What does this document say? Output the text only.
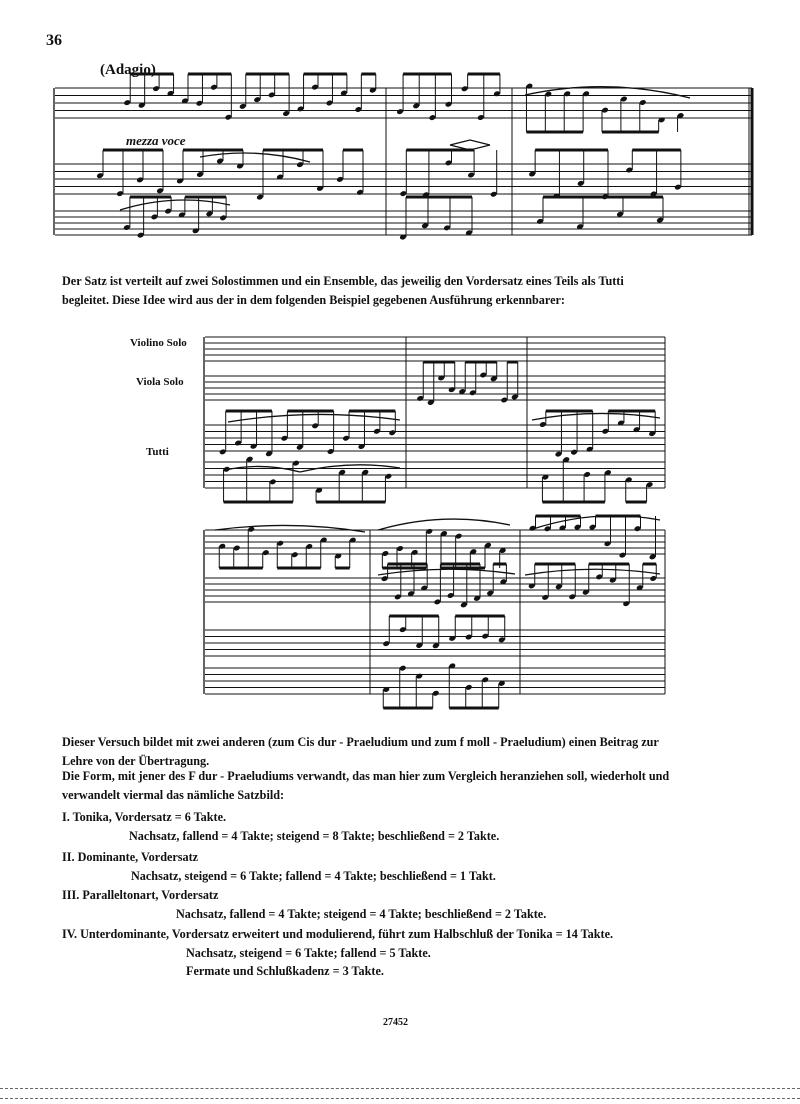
36
(Adagio)
mezza voce
Der Satz ist verteilt auf zwei Solostimmen und ein Ensemble, das jeweilig den Vordersatz eines Teils als Tutti
begleitet. Diese Idee wird aus der in dem folgenden Beispiel gegebenen Ausführung erkennbarer:
Violino Solo
Viola Solo
Tutti
Dieser Versuch bildet mit zwei anderen (zum Cis dur - Praeludium und zum f moll - Praeludium) einen Beitrag zur
Lehre von der Übertragung.
Die Form, mit jener des F dur - Praeludiums verwandt, das man hier zum Vergleich heranziehen soll, wiederholt und
verwandelt viermal das nämliche Satzbild:
I. Tonika, Vordersatz = 6 Takte.
Nachsatz, fallend = 4 Takte; steigend = 8 Takte; beschließend = 2 Takte.
II. Dominante, Vordersatz
Nachsatz, steigend = 6 Takte; fallend = 4 Takte; beschließend = 1 Takt.
III. Paralleltonart, Vordersatz
Nachsatz, fallend = 4 Takte; steigend = 4 Takte; beschließend = 2 Takte.
IV. Unterdominante, Vordersatz erweitert und modulierend, führt zum Halbschluß der Tonika = 14 Takte.
Nachsatz, steigend = 6 Takte; fallend = 5 Takte.
Fermate und Schlußkadenz = 3 Takte.
27452
